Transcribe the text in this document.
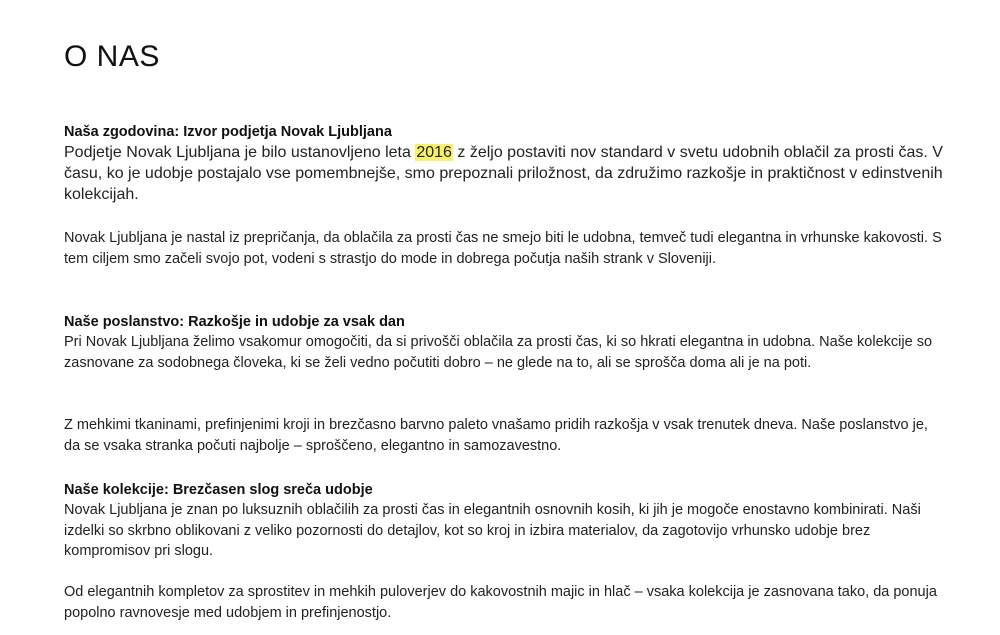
O NAS
Naša zgodovina: Izvor podjetja Novak Ljubljana

Podjetje Novak Ljubljana je bilo ustanovljeno leta 2016 z željo postaviti nov standard v svetu udobnih oblačil za prosti čas. V času, ko je udobje postajalo vse pomembnejše, smo prepoznali priložnost, da združimo razkošje in praktičnost v edinstvenih kolekcijah.

Novak Ljubljana je nastal iz prepričanja, da oblačila za prosti čas ne smejo biti le udobna, temveč tudi elegantna in vrhunske kakovosti. S tem ciljem smo začeli svojo pot, vodeni s strastjo do mode in dobrega počutja naših strank v Sloveniji.

Naše poslanstvo: Razkošje in udobje za vsak dan

Pri Novak Ljubljana želimo vsakomur omogočiti, da si privošči oblačila za prosti čas, ki so hkrati elegantna in udobna. Naše kolekcije so zasnovane za sodobnega človeka, ki se želi vedno počutiti dobro – ne glede na to, ali se sprošča doma ali je na poti.

Z mehkimi tkaninami, prefinjenimi kroji in brezčasno barvno paleto vnašamo pridih razkošja v vsak trenutek dneva. Naše poslanstvo je, da se vsaka stranka počuti najbolje – sproščeno, elegantno in samozavestno.

Naše kolekcije: Brezčasen slog sreča udobje

Novak Ljubljana je znan po luksuznih oblačilih za prosti čas in elegantnih osnovnih kosih, ki jih je mogoče enostavno kombinirati. Naši izdelki so skrbno oblikovani z veliko pozornosti do detajlov, kot so kroj in izbira materialov, da zagotovijo vrhunsko udobje brez kompromisov pri slogu.

Od elegantnih kompletov za sprostitev in mehkih puloverjev do kakovostnih majic in hlač – vsaka kolekcija je zasnovana tako, da ponuja popolno ravnovesje med udobjem in prefinjenostjo.
